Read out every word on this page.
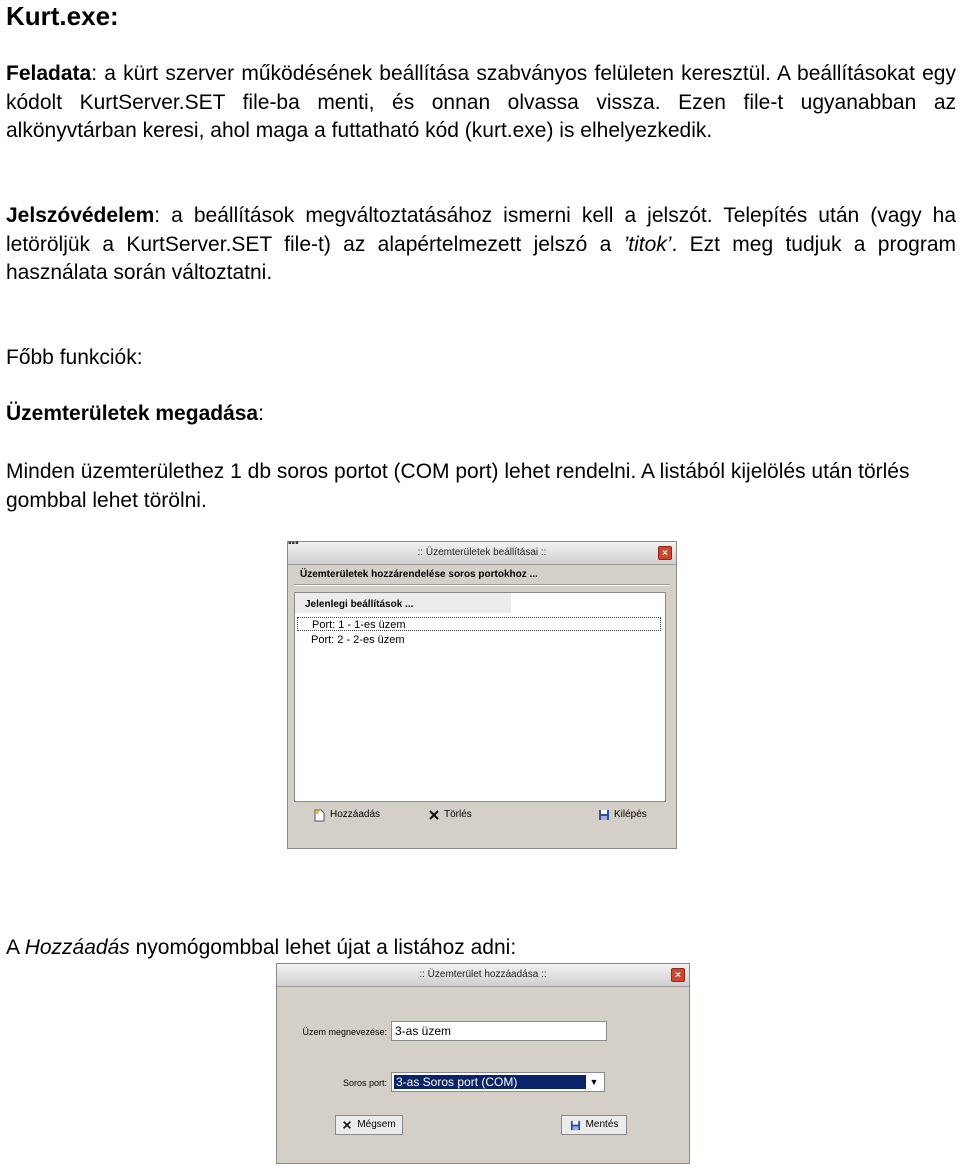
Kurt.exe:

Feladata: a kürt szerver működésének beállítása szabványos felületen keresztül. A beállításokat egy kódolt KurtServer.SET file-ba menti, és onnan olvassa vissza. Ezen file-t ugyanabban az alkönyvtárban keresi, ahol maga a futtatható kód (kurt.exe) is elhelyezkedik.

Jelszóvédelem: a beállítások megváltoztatásához ismerni kell a jelszót. Telepítés után (vagy ha letöröljük a KurtServer.SET file-t) az alapértelmezett jelszó a ’titok’. Ezt meg tudjuk a program használata során változtatni.

Főbb funkciók:

Üzemterületek megadása:

Minden üzemterülethez 1 db soros portot (COM port) lehet rendelni. A listából kijelölés után törlés gombbal lehet törölni.

A Hozzáadás nyomógombbal lehet újat a listához adni:

▪▪▪
:: Üzemterületek beállításai ::	×
Üzemterületek hozzárendelése soros portokhoz ...
Jelenlegi beállítások ...
Port: 1 - 1-es üzem
Port: 2 - 2-es üzem
Hozzáadás	Törlés	Kilépés
:: Üzemterület hozzáadása ::	×
Üzem megnevezése: 3-as üzem
Soros port: 3-as Soros port (COM)	▼
Mégsem	Mentés
